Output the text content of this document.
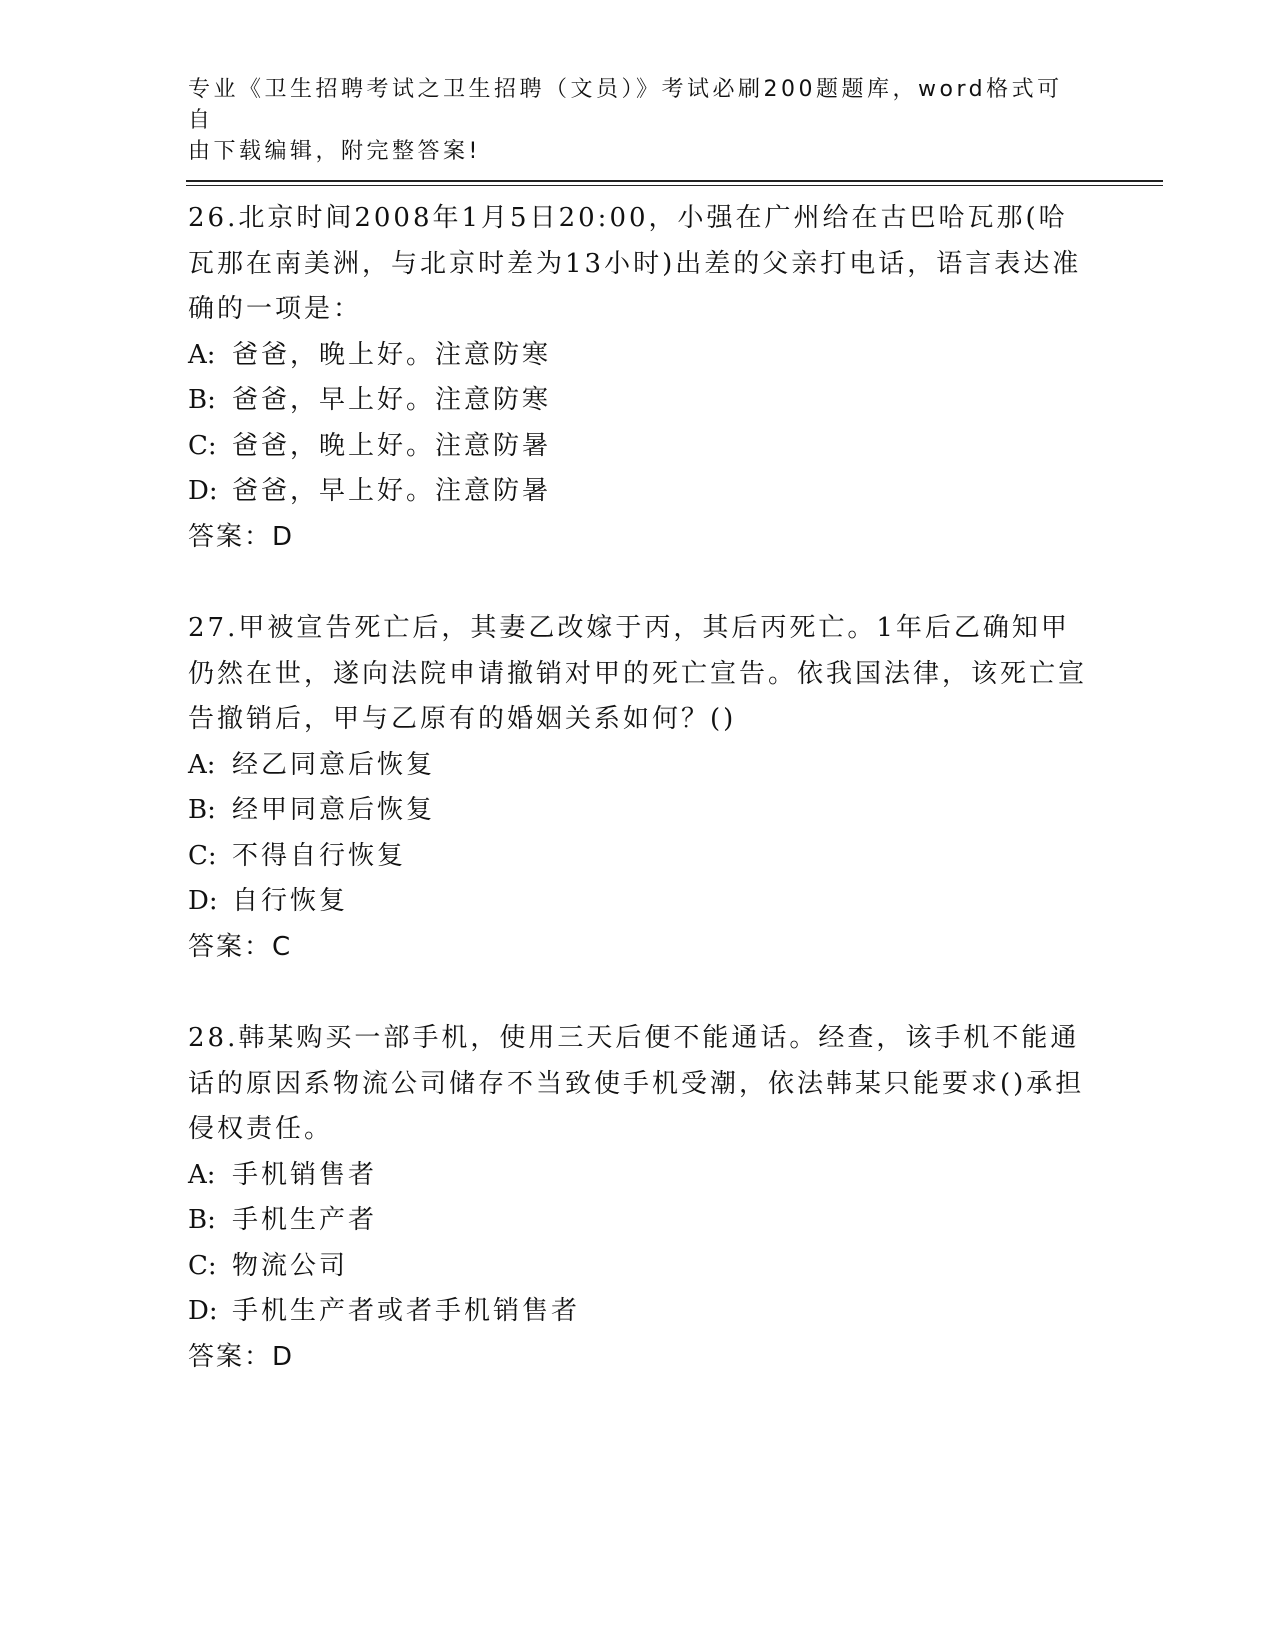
专业《卫生招聘考试之卫生招聘（文员）》考试必刷200题题库，word格式可自
由下载编辑，附完整答案!

26.北京时间2008年1月5日20:00，小强在广州给在古巴哈瓦那(哈瓦那在南美洲，与北京时差为13小时)出差的父亲打电话，语言表达准确的一项是：

A: 爸爸，晚上好。注意防寒

B: 爸爸，早上好。注意防寒

C: 爸爸，晚上好。注意防暑

D: 爸爸，早上好。注意防暑

答案：D

27.甲被宣告死亡后，其妻乙改嫁于丙，其后丙死亡。1年后乙确知甲仍然在世，遂向法院申请撤销对甲的死亡宣告。依我国法律，该死亡宣告撤销后，甲与乙原有的婚姻关系如何？()

A: 经乙同意后恢复

B: 经甲同意后恢复

C: 不得自行恢复

D: 自行恢复

答案：C

28.韩某购买一部手机，使用三天后便不能通话。经查，该手机不能通话的原因系物流公司储存不当致使手机受潮，依法韩某只能要求()承担侵权责任。

A: 手机销售者

B: 手机生产者

C: 物流公司

D: 手机生产者或者手机销售者

答案：D
